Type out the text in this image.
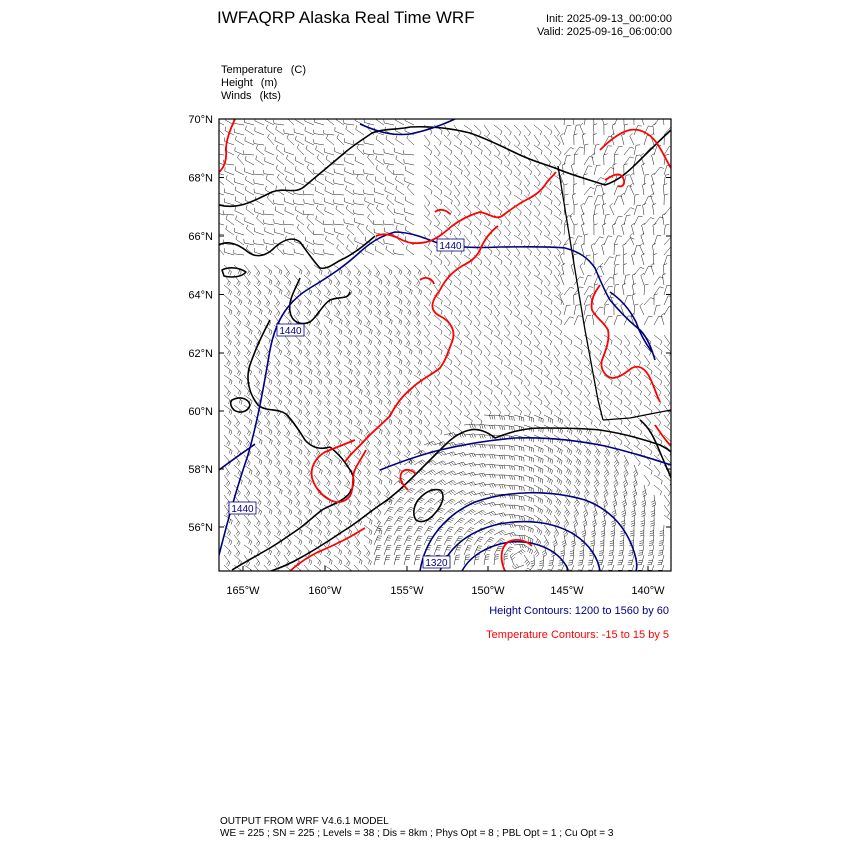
IWFAQRP Alaska Real Time WRF	Init: 2025-09-13_00:00:00
Valid: 2025-09-16_06:00:00
Temperature (C)
Height (m)
Winds (kts)
1440
1440
1440
1320
70°N
68°N
66°N
64°N
62°N
60°N
58°N
56°N
165°W	160°W	155°W	150°W	145°W	140°W
Height Contours: 1200 to 1560 by 60
Temperature Contours: -15 to 15 by 5
OUTPUT FROM WRF V4.6.1 MODEL
WE = 225 ; SN = 225 ; Levels = 38 ; Dis = 8km ; Phys Opt = 8 ; PBL Opt = 1 ; Cu Opt = 3
